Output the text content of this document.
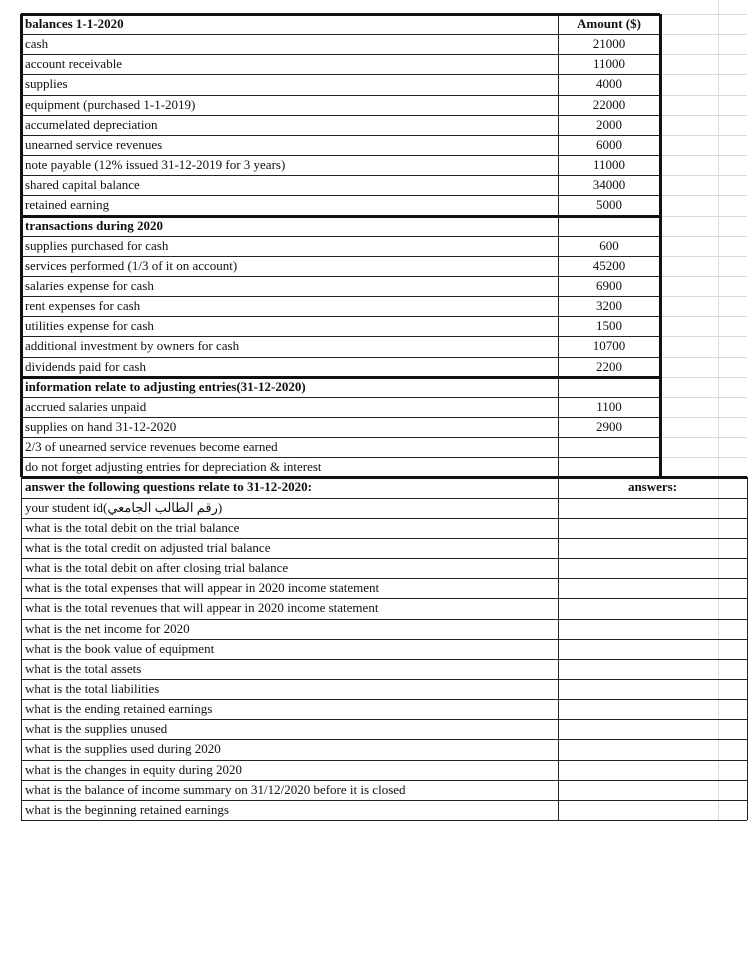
balances 1-1-2020	Amount ($)
cash	21000
account receivable	11000
supplies	4000
equipment (purchased 1-1-2019)	22000
accumelated depreciation	2000
unearned service revenues	6000
note payable (12% issued 31-12-2019 for 3 years)	11000
shared capital balance	34000
retained earning	5000
transactions during 2020
supplies purchased for cash	600
services performed (1/3 of it on account)	45200
salaries expense for cash	6900
rent expenses for cash	3200
utilities expense for cash	1500
additional investment by owners for cash	10700
dividends paid for cash	2200
information relate to adjusting entries(31-12-2020)
accrued salaries unpaid	1100
supplies on hand 31-12-2020	2900
2/3 of unearned service revenues become earned
do not forget adjusting entries for depreciation & interest
answer the following questions relate to 31-12-2020:	answers:
your student id(رقم الطالب الجامعي)
what is the total debit on the trial balance
what is the total credit on adjusted trial balance
what is the total debit on after closing trial balance
what is the total expenses that will appear in 2020 income statement
what is the total revenues that will appear in 2020 income statement
what is the net income for 2020
what is the book value of equipment
what is the total assets
what is the total liabilities
what is the ending retained earnings
what is the supplies unused
what is the supplies used during 2020
what is the changes in equity during 2020
what is the balance of income summary on 31/12/2020 before it is closed
what is the beginning retained earnings
